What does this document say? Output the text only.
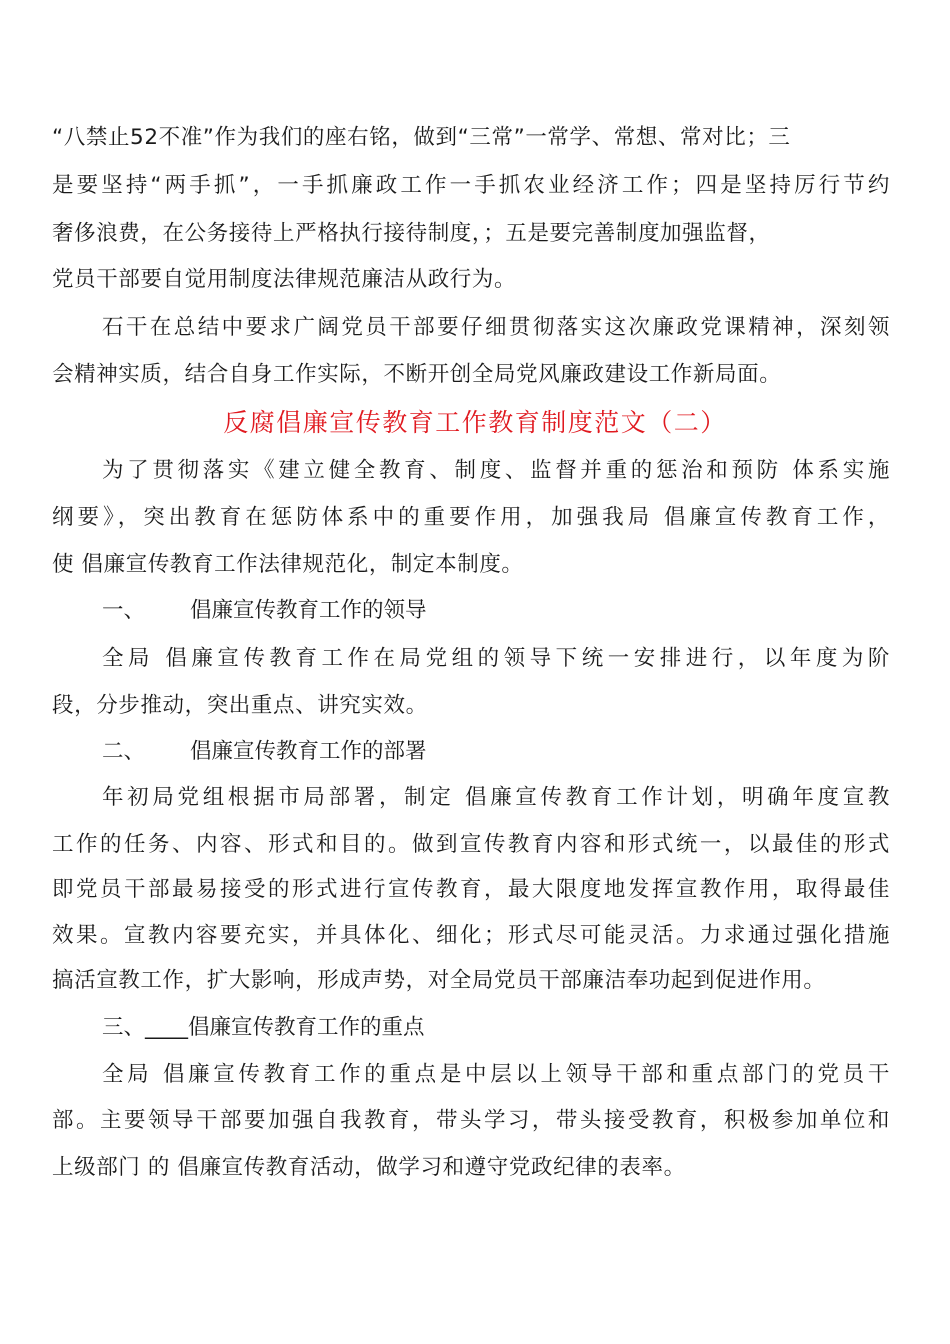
“八禁止52不准”作为我们的座右铭，做到“三常”一常学、常想、常对比；三
是要坚持“两手抓”，一手抓廉政工作一手抓农业经济工作；四是坚持厉行节约
奢侈浪费，在公务接待上严格执行接待制度，；五是要完善制度加强监督，
党员干部要自觉用制度法律规范廉洁从政行为。
石干在总结中要求广阔党员干部要仔细贯彻落实这次廉政党课精神，深刻领
会精神实质，结合自身工作实际，不断开创全局党风廉政建设工作新局面。
反腐倡廉宣传教育工作教育制度范文（二）
为了贯彻落实《建立健全教育、制度、监督并重的惩治和预防 体系实施
纲要》，突出教育在惩防体系中的重要作用，加强我局 倡廉宣传教育工作，
使 倡廉宣传教育工作法律规范化，制定本制度。
一、 倡廉宣传教育工作的领导
全局 倡廉宣传教育工作在局党组的领导下统一安排进行，以年度为阶
段，分步推动，突出重点、讲究实效。
二、 倡廉宣传教育工作的部署
年初局党组根据市局部署，制定 倡廉宣传教育工作计划，明确年度宣教
工作的任务、内容、形式和目的。做到宣传教育内容和形式统一，以最佳的形式
即党员干部最易接受的形式进行宣传教育，最大限度地发挥宣教作用，取得最佳
效果。宣教内容要充实，并具体化、细化；形式尽可能灵活。力求通过强化措施
搞活宣教工作，扩大影响，形成声势，对全局党员干部廉洁奉功起到促进作用。
三、 ____倡廉宣传教育工作的重点
全局 倡廉宣传教育工作的重点是中层以上领导干部和重点部门的党员干
部。主要领导干部要加强自我教育，带头学习，带头接受教育，积极参加单位和
上级部门 的 倡廉宣传教育活动，做学习和遵守党政纪律的表率。
